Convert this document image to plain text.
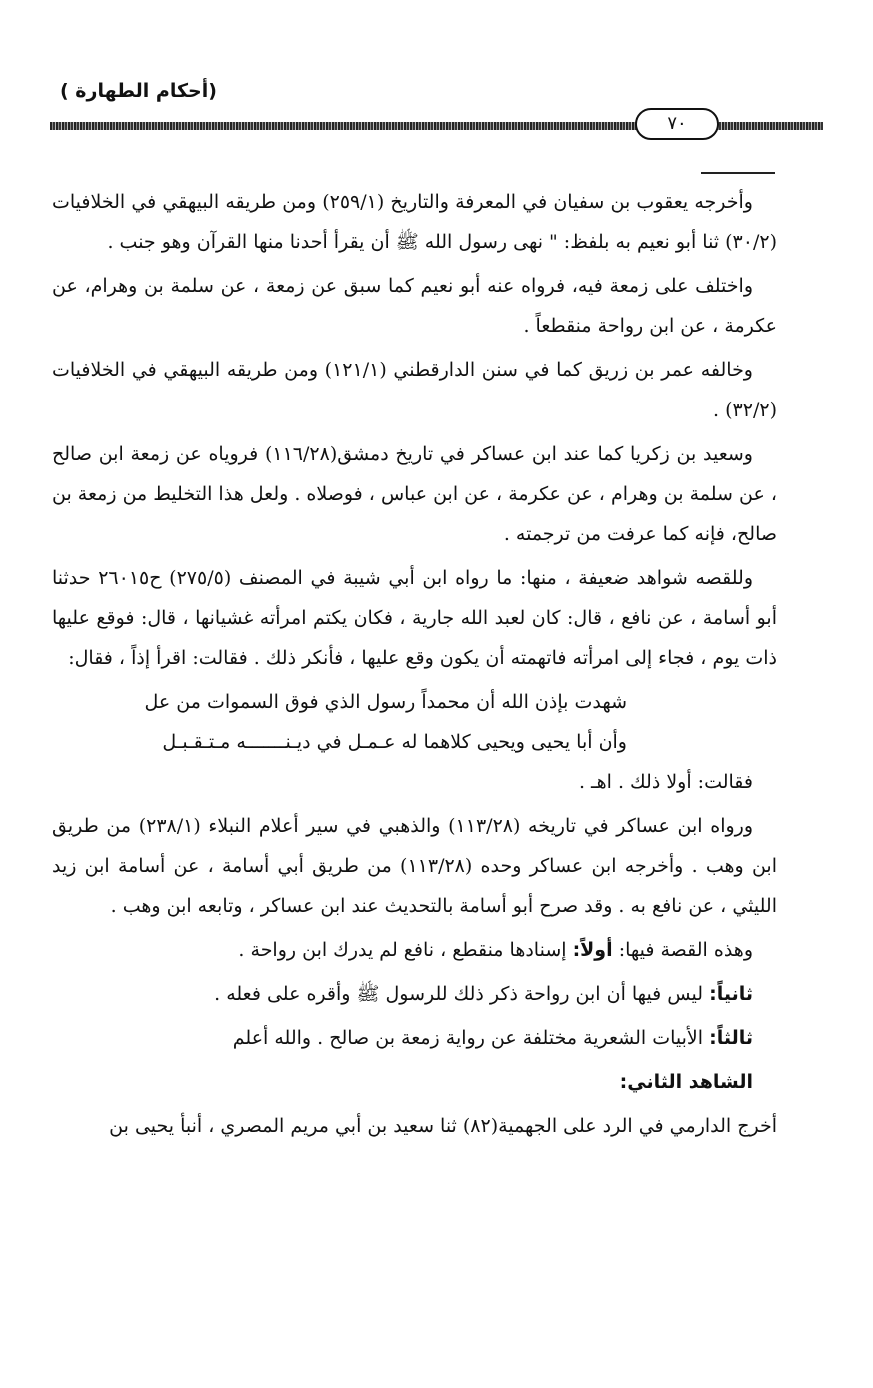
(أحكام الطهارة )
٧٠

وأخرجه يعقوب بن سفيان في المعرفة والتاريخ (٢٥٩/١) ومن طريقه البيهقي في الخلافيات (٣٠/٢) ثنا أبو نعيم به بلفظ: " نهى رسول الله ﷺ أن يقرأ أحدنا منها القرآن وهو جنب .

واختلف على زمعة فيه، فرواه عنه أبو نعيم كما سبق عن زمعة ، عن سلمة بن وهرام، عن عكرمة ، عن ابن رواحة منقطعاً .

وخالفه عمر بن زريق كما في سنن الدارقطني (١٢١/١) ومن طريقه البيهقي في الخلافيات (٣٢/٢) .

وسعيد بن زكريا كما عند ابن عساكر في تاريخ دمشق(١١٦/٢٨) فروياه عن زمعة ابن صالح ، عن سلمة بن وهرام ، عن عكرمة ، عن ابن عباس ، فوصلاه . ولعل هذا التخليط من زمعة بن صالح، فإنه كما عرفت من ترجمته .

وللقصه شواهد ضعيفة ، منها: ما رواه ابن أبي شيبة في المصنف (٢٧٥/٥) ح٢٦٠١٥ حدثنا أبو أسامة ، عن نافع ، قال: كان لعبد الله جارية ، فكان يكتم امرأته غشيانها ، قال: فوقع عليها ذات يوم ، فجاء إلى امرأته فاتهمته أن يكون وقع عليها ، فأنكر ذلك . فقالت: اقرأ إذاً ، فقال:

شهدت بإذن الله أن محمداً رسول الذي فوق السموات من عل
وأن أبا يحيى ويحيى كلاهما له عـمـل في ديـنـــــــه مـتـقـبـل

فقالت: أولا ذلك . اهـ .

ورواه ابن عساكر في تاريخه (١١٣/٢٨) والذهبي في سير أعلام النبلاء (٢٣٨/١) من طريق ابن وهب . وأخرجه ابن عساكر وحده (١١٣/٢٨) من طريق أبي أسامة ، عن أسامة ابن زيد الليثي ، عن نافع به . وقد صرح أبو أسامة بالتحديث عند ابن عساكر ، وتابعه ابن وهب .

وهذه القصة فيها: أولاً: إسنادها منقطع ، نافع لم يدرك ابن رواحة .

ثانياً: ليس فيها أن ابن رواحة ذكر ذلك للرسول ﷺ وأقره على فعله .

ثالثاً: الأبيات الشعرية مختلفة عن رواية زمعة بن صالح . والله أعلم

الشاهد الثاني:

أخرج الدارمي في الرد على الجهمية(٨٢) ثنا سعيد بن أبي مريم المصري ، أنبأ يحيى بن
